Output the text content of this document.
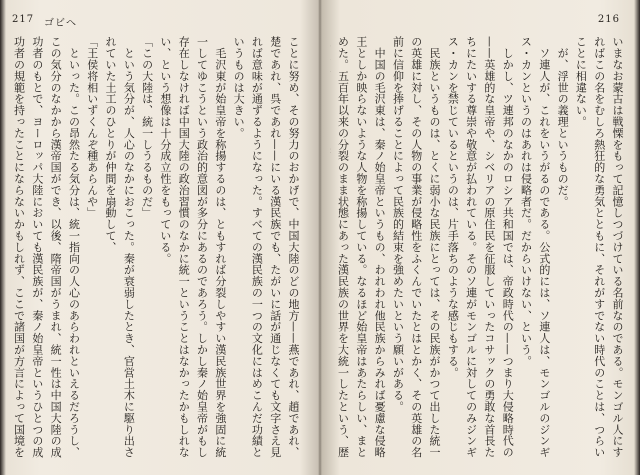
217 ゴビへ

ことに努め、その努力のおかげで、中国大陸のどの地方——燕であれ、趙であれ、楚であれ、呉であれ——にいる漢民族でも、たがいに話が通じなくても文字さえ見れば意味が通ずるようになった。すべての漢民族の一つの文化にはめこんだ功績というものは大きい。
　毛沢東が始皇帝を称揚するのは、ともすれば分裂しやすい漢民族世界を強固に統一してゆこうという政治的意図が多分にあるのであろう。しかし秦ノ始皇帝がもし存在しなければ中国大陸の政治習慣のなかに統一ということはなかったかもしれない、という想像は十分成立性をもっている。
「この大陸は、統一しうるものだ」
　という気分が、人心のなかにおこった。秦が衰弱したとき、官営土木に駆り出されていた土工のひとりが仲間を扇動して、
「王侯将相いずくんぞ種あらんや」
　といった。この昂然たる気分は、統一指向の人心のあらわれといえるだろうし、この気分のなかから漢帝国ができ、以後、隋帝国がうまれ、統一性は中国大陸の成功者のもとで、ヨーロッパ大陸においても漢民族が、秦ノ始皇帝というひとつの成功者の規範を持ったことにならないかもしれず、ここで諸国が方言によって国境を

216

いまなお蒙古は戦慄をもって記憶しつづけている名前なのである。モンゴル人にすればこの名をむしろ熱狂的な勇気とともに、それがすでない時代のことは、つらいことに相違ない。
　が、浮世の義理というものだ。
　ソ連人が、これをいうがるのである。公式的には、ソ連人は、モンゴルのジンギス・カンというのはあれは侵略者だ。だからいけない、という。
　しかし、ツ連邦のなかのロシア共和国では、帝政時代の——つまり大侵略時代の——英雄的な皇帝や、シベリアの原住民を征服していったコサックの勇敢な首長たちにたいする尊崇や敬意が払われている。そのソ連がモンゴルに対してのみジンギス・カンを禁じているというのは、片手落ちのような感じもする。
　民族というものは、とくに弱小な民族にとっては、その民族がかつて出した統一の英雄に対し、その人物の事業が侵略性をふくんでいたとはとかく、その英雄の名前に信仰を捧げることによって民族的結束を強めたいという願いがある。
　中国の毛沢東は、秦ノ始皇帝というもの、われわれ他民族からみれば憂慮な侵略王としか映らないような人物を称揚している。なるほど始皇帝はあたらしい、まとめた。五百年以来の分裂のまま状態にあった漢民族の世界を大統一したという、歴
